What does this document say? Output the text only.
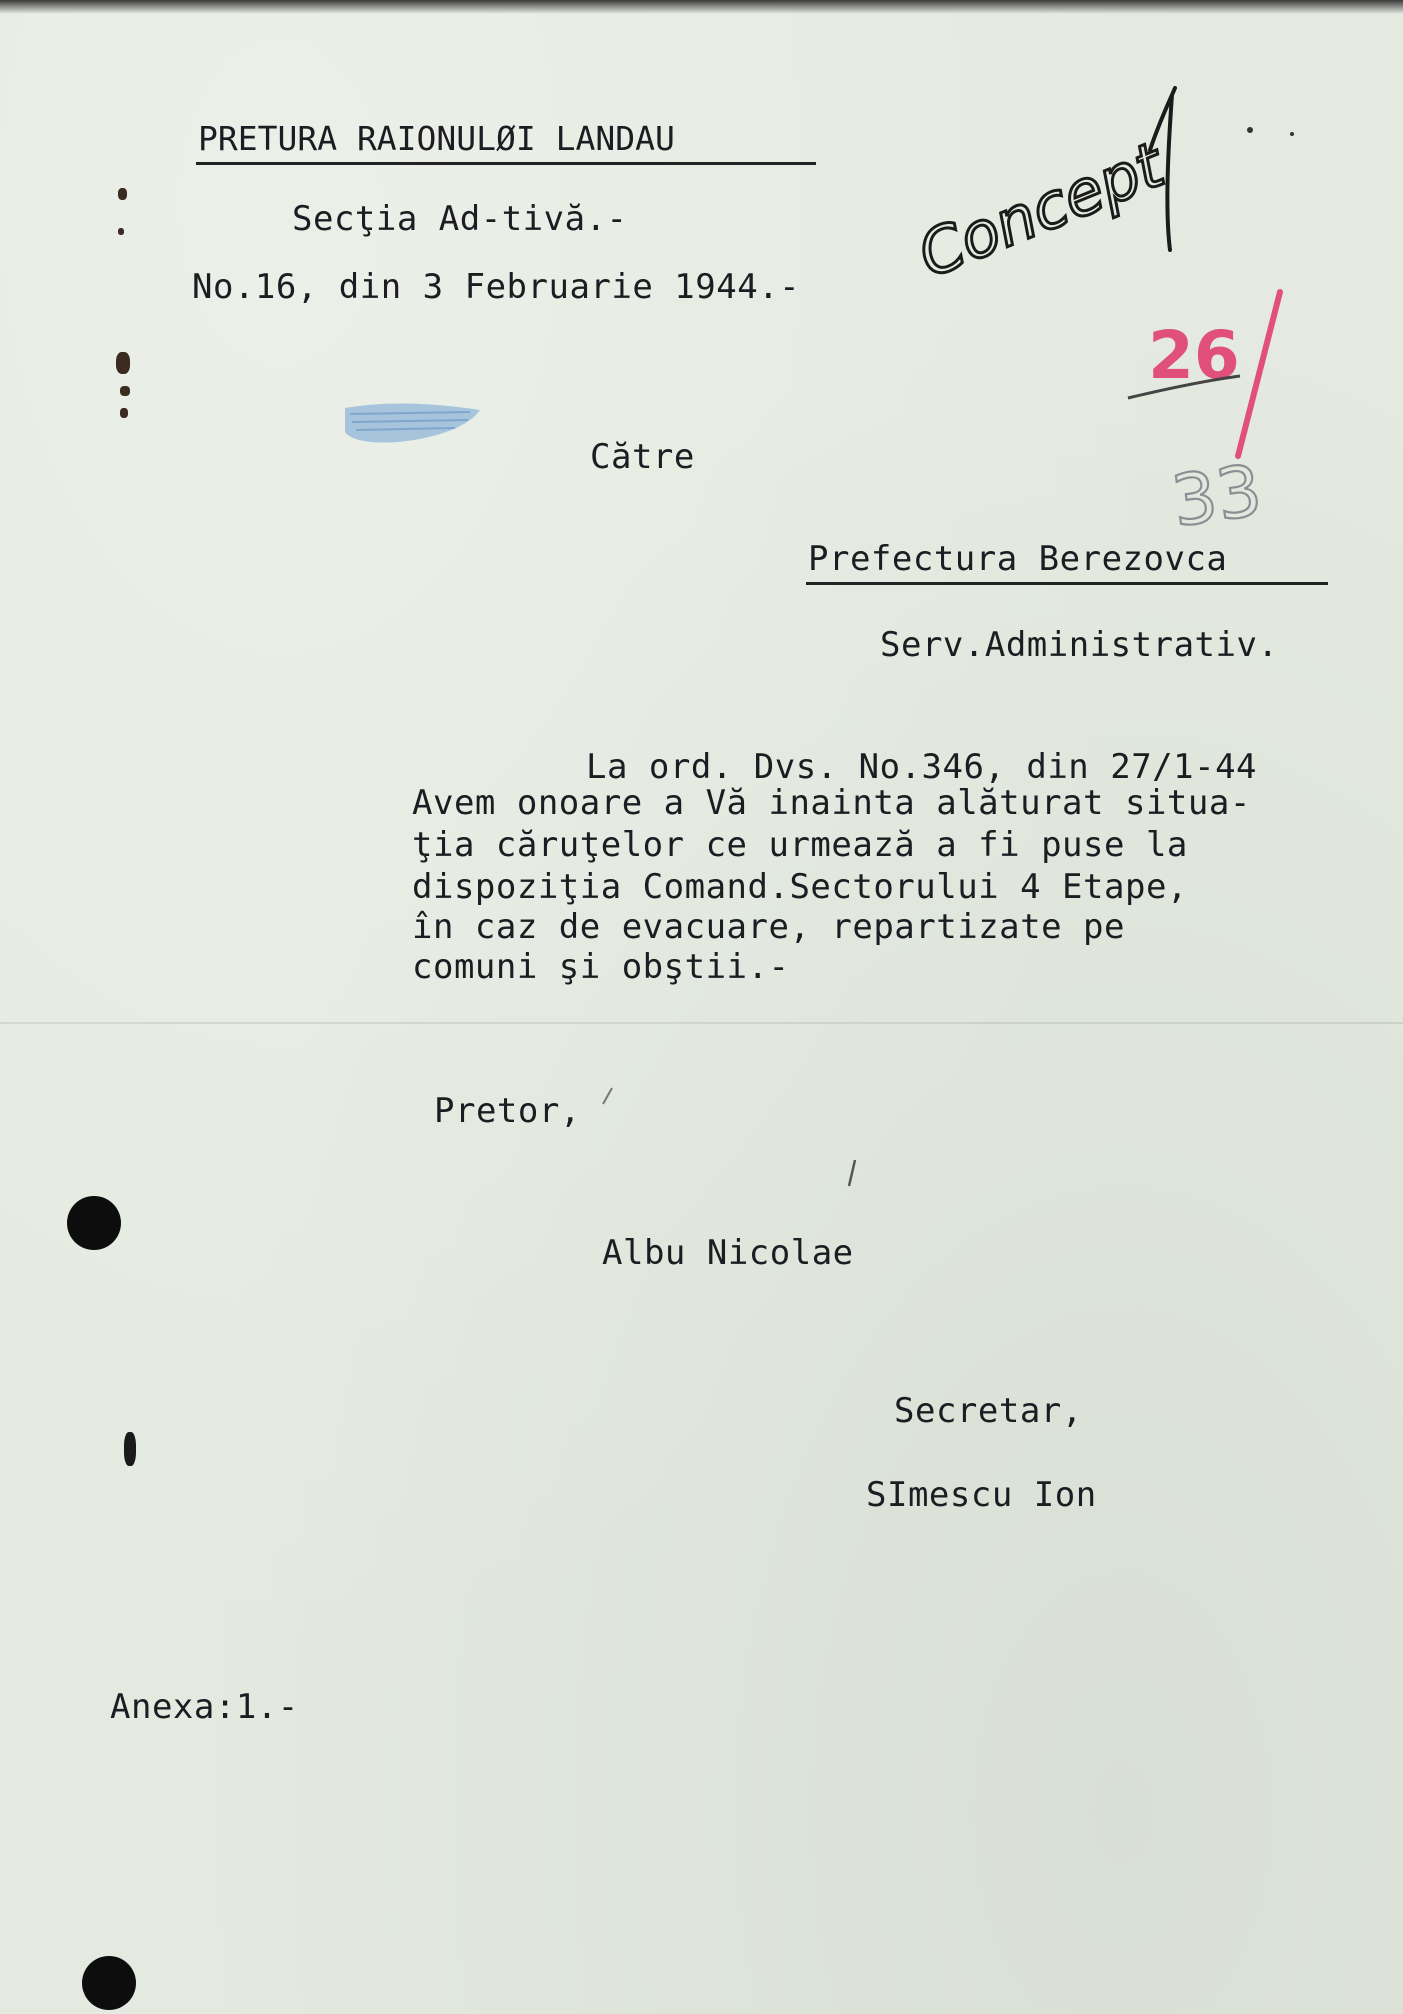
PRETURA RAIONULØI LANDAU
Secţia Ad-tivă.-
No.16, din 3 Februarie 1944.-
Către
Prefectura Berezovca
Serv.Administrativ.
La ord. Dvs. No.346, din 27/1-44
Avem onoare a Vă inainta alăturat situa-
ţia căruţelor ce urmează a fi puse la
dispoziţia Comand.Sectorului 4 Etape,
în caz de evacuare, repartizate pe
comuni şi obştii.-
Pretor,
Albu Nicolae
Secretar,
SImescu Ion
Anexa:1.-
Concept
26
33
